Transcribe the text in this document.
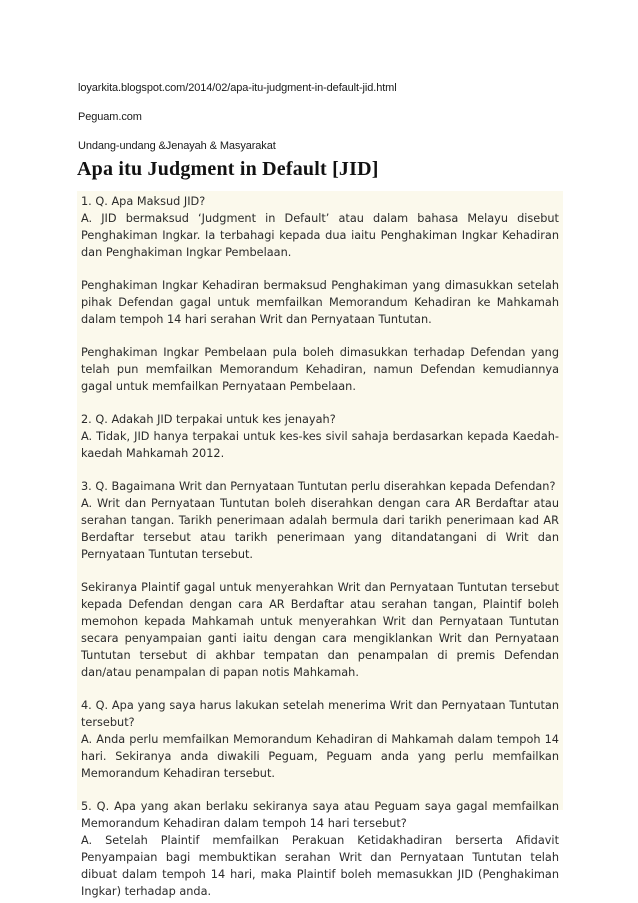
loyarkita.blogspot.com/2014/02/apa-itu-judgment-in-default-jid.html
Peguam.com
Undang-undang &Jenayah & Masyarakat
Apa itu Judgment in Default [JID]

1. Q. Apa Maksud JID?
A. JID bermaksud ‘Judgment in Default’ atau dalam bahasa Melayu disebut Penghakiman Ingkar. Ia terbahagi kepada dua iaitu Penghakiman Ingkar Kehadiran dan Penghakiman Ingkar Pembelaan.

Penghakiman Ingkar Kehadiran bermaksud Penghakiman yang dimasukkan setelah pihak Defendan gagal untuk memfailkan Memorandum Kehadiran ke Mahkamah dalam tempoh 14 hari serahan Writ dan Pernyataan Tuntutan.

Penghakiman Ingkar Pembelaan pula boleh dimasukkan terhadap Defendan yang telah pun memfailkan Memorandum Kehadiran, namun Defendan kemudiannya gagal untuk memfailkan Pernyataan Pembelaan.

2. Q. Adakah JID terpakai untuk kes jenayah?
A. Tidak, JID hanya terpakai untuk kes-kes sivil sahaja berdasarkan kepada Kaedah-kaedah Mahkamah 2012.

3. Q. Bagaimana Writ dan Pernyataan Tuntutan perlu diserahkan kepada Defendan?
A. Writ dan Pernyataan Tuntutan boleh diserahkan dengan cara AR Berdaftar atau serahan tangan. Tarikh penerimaan adalah bermula dari tarikh penerimaan kad AR Berdaftar tersebut atau tarikh penerimaan yang ditandatangani di Writ dan Pernyataan Tuntutan tersebut.

Sekiranya Plaintif gagal untuk menyerahkan Writ dan Pernyataan Tuntutan tersebut kepada Defendan dengan cara AR Berdaftar atau serahan tangan, Plaintif boleh memohon kepada Mahkamah untuk menyerahkan Writ dan Pernyataan Tuntutan secara penyampaian ganti iaitu dengan cara mengiklankan Writ dan Pernyataan Tuntutan tersebut di akhbar tempatan dan penampalan di premis Defendan dan/atau penampalan di papan notis Mahkamah.

4. Q. Apa yang saya harus lakukan setelah menerima Writ dan Pernyataan Tuntutan tersebut?
A. Anda perlu memfailkan Memorandum Kehadiran di Mahkamah dalam tempoh 14 hari. Sekiranya anda diwakili Peguam, Peguam anda yang perlu memfailkan Memorandum Kehadiran tersebut.

5. Q. Apa yang akan berlaku sekiranya saya atau Peguam saya gagal memfailkan Memorandum Kehadiran dalam tempoh 14 hari tersebut?
A. Setelah Plaintif memfailkan Perakuan Ketidakhadiran berserta Afidavit Penyampaian bagi membuktikan serahan Writ dan Pernyataan Tuntutan telah dibuat dalam tempoh 14 hari, maka Plaintif boleh memasukkan JID (Penghakiman Ingkar) terhadap anda.
